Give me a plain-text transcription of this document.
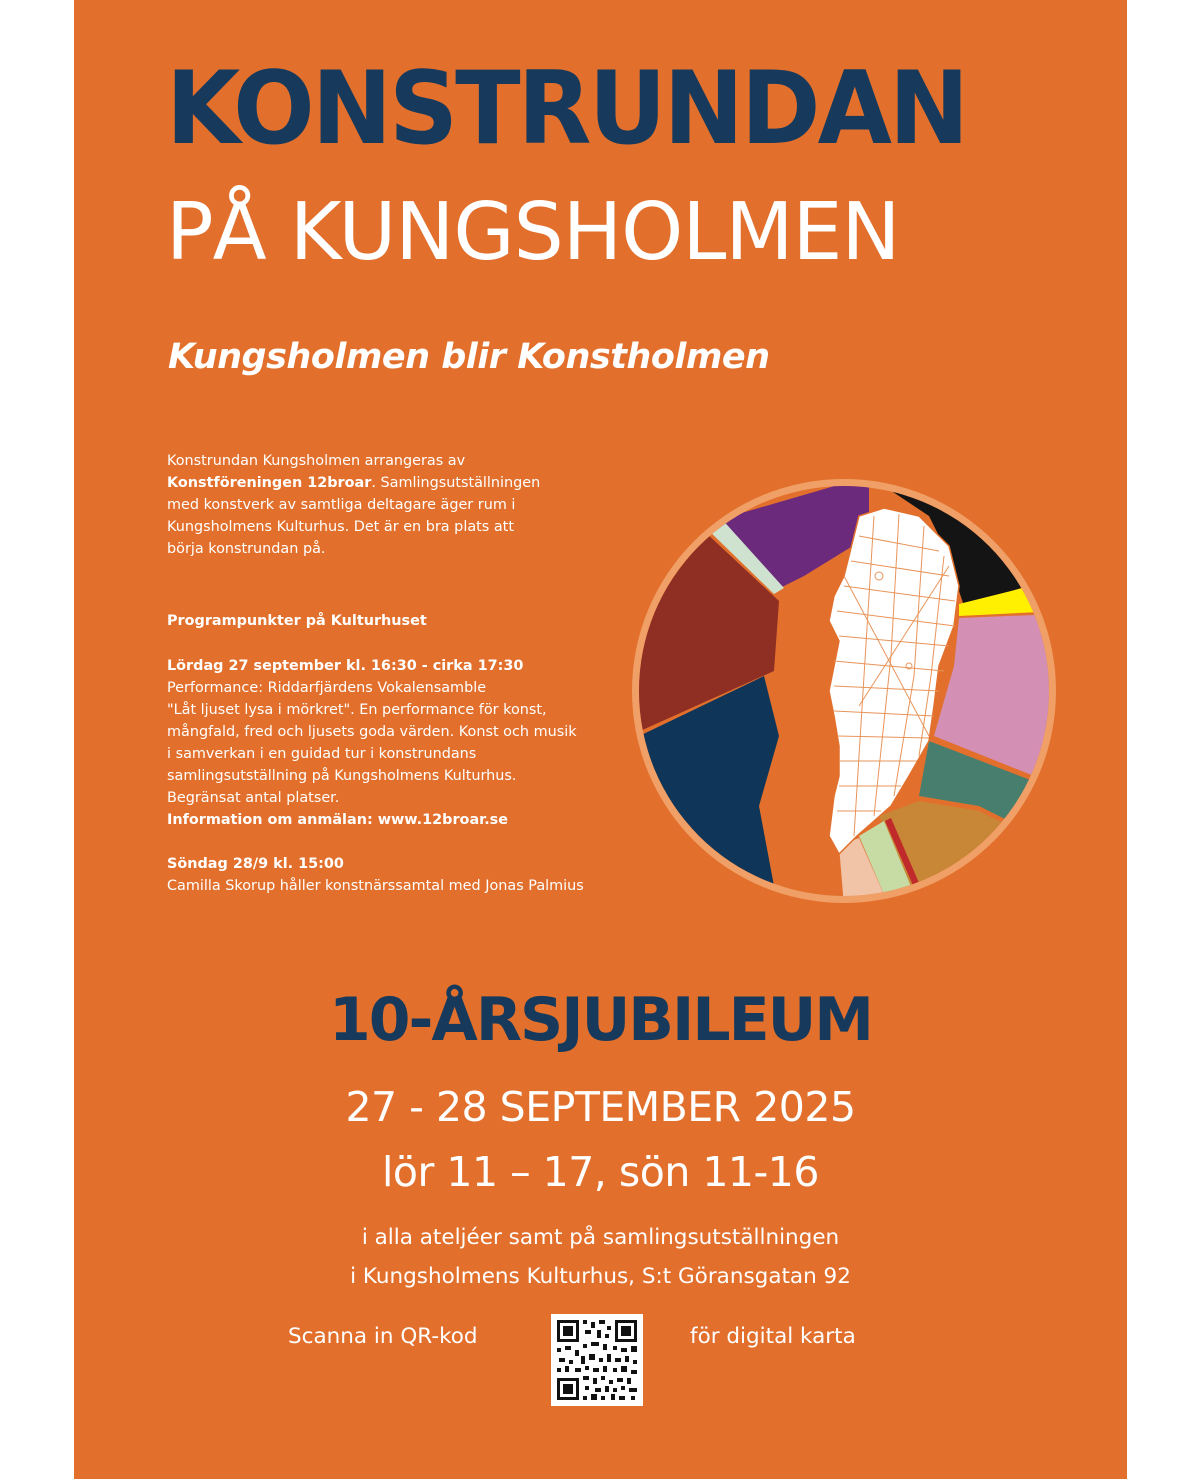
KONSTRUNDAN
PÅ KUNGSHOLMEN
Kungsholmen blir Konstholmen
Konstrundan Kungsholmen arrangeras av
Konstföreningen 12broar. Samlingsutställningen
med konstverk av samtliga deltagare äger rum i
Kungsholmens Kulturhus. Det är en bra plats att
börja konstrundan på.
Programpunkter på Kulturhuset
Lördag 27 september kl. 16:30 - cirka 17:30
Performance: Riddarfjärdens Vokalensamble
"Låt ljuset lysa i mörkret". En performance för konst,
mångfald, fred och ljusets goda värden. Konst och musik
i samverkan i en guidad tur i konstrundans
samlingsutställning på Kungsholmens Kulturhus.
Begränsat antal platser.
Information om anmälan: www.12broar.se
Söndag 28/9 kl. 15:00
Camilla Skorup håller konstnärssamtal med Jonas Palmius
10-ÅRSJUBILEUM
27 - 28 SEPTEMBER 2025
lör 11 – 17, sön 11-16
i alla ateljéer samt på samlingsutställningen
i Kungsholmens Kulturhus, S:t Göransgatan 92
Scanna in QR-kod	för digital karta
